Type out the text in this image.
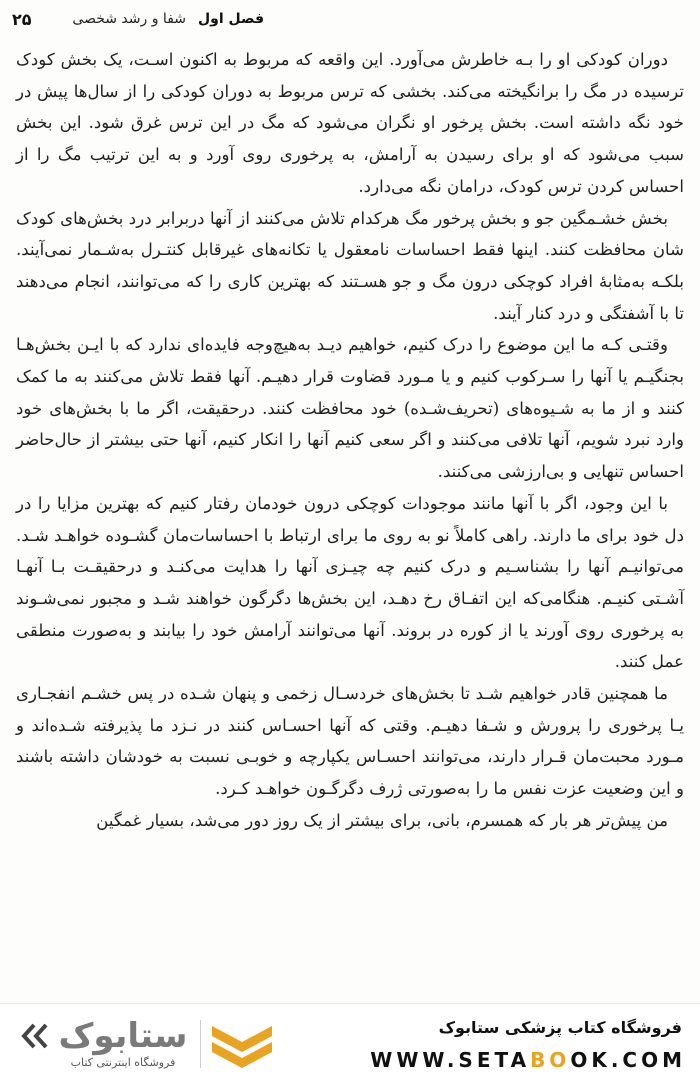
۲۵	فصل اول
شفا و رشد شخصی

دوران کودکی او را بـه خاطرش می‌آورد. این واقعه که مربوط به اکنون اسـت، یک بخش کودک ترسیده در مگ را برانگیخته می‌کند. بخشی که ترس مربوط به دوران کودکی را از سال‌ها پیش در خود نگه داشته است. بخش پرخور او نگران می‌شود که مگ در این ترس غرق شود. این بخش سبب می‌شود که او برای رسیدن به آرامش، به پرخوری روی آورد و به این ترتیب مگ را از احساس کردن ترس کودک، درامان نگه می‌دارد.

بخش خشـمگین جو و بخش پرخور مگ هرکدام تلاش می‌کنند از آنها دربرابر درد بخش‌های کودک شان محافظت کنند. اینها فقط احساسات نامعقول یا تکانه‌های غیرقابل کنتـرل به‌شـمار نمی‌آیند. بلکـه به‌مثابهٔ افراد کوچکی درون مگ و جو هسـتند که بهترین کاری را که می‌توانند، انجام می‌دهند تا با آشفتگی و درد کنار آیند.

وقتـی کـه ما این موضوع را درک کنیم، خواهیم دیـد به‌هیچ‌وجه فایده‌ای ندارد که با ایـن بخش‌هـا بجنگیـم یا آنها را سـرکوب کنیم و یا مـورد قضاوت قرار دهیـم. آنها فقط تلاش می‌کنند به ما کمک کنند و از ما به شـیوه‌های (تحریف‌شـده) خود محافظت کنند. درحقیقت، اگر ما با بخش‌های خود وارد نبرد شویم، آنها تلافی می‌کنند و اگر سعی کنیم آنها را انکار کنیم، آنها حتی بیشتر از حال‌حاضر احساس تنهایی و بی‌ارزشی می‌کنند.

با این وجود، اگر با آنها مانند موجودات کوچکی درون خودمان رفتار کنیم که بهترین مزایا را در دل خود برای ما دارند. راهی کاملاً نو به روی ما برای ارتباط با احساسات‌مان گشـوده خواهـد شـد. می‌توانیـم آنها را بشناسـیم و درک کنیم چه چیـزی آنها را هدایت می‌کنـد و درحقیقـت بـا آنهـا آشـتی کنیـم. هنگامی‌که این اتفـاق رخ دهـد، این بخش‌ها دگرگون خواهند شـد و مجبور نمی‌شـوند به پرخوری روی آورند یا از کوره در بروند. آنها می‌توانند آرامش خود را بیابند و به‌صورت منطقی عمل کنند.

ما همچنین قادر خواهیم شـد تا بخش‌های خردسـال زخمی و پنهان شـده در پس خشـم انفجـاری یـا پرخوری را پرورش و شـفا دهیـم. وقتی که آنها احسـاس کنند در نـزد ما پذیرفته شـده‌اند و مـورد محبت‌مان قـرار دارند، می‌توانند احسـاس یکپارچه و خوبـی نسبت به خودشان داشته باشند و این وضعیت عزت نفس ما را به‌صورتی ژرف دگرگـون خواهـد کـرد.

من پیش‌تر هر بار که همسرم، بانی، برای بیشتر از یک روز دور می‌شد، بسیار غمگین

ستابوک
فروشگاه اینترنتی کتاب
فروشگاه کتاب پزشکی ستابوک
WWW.SETABOOK.COM
